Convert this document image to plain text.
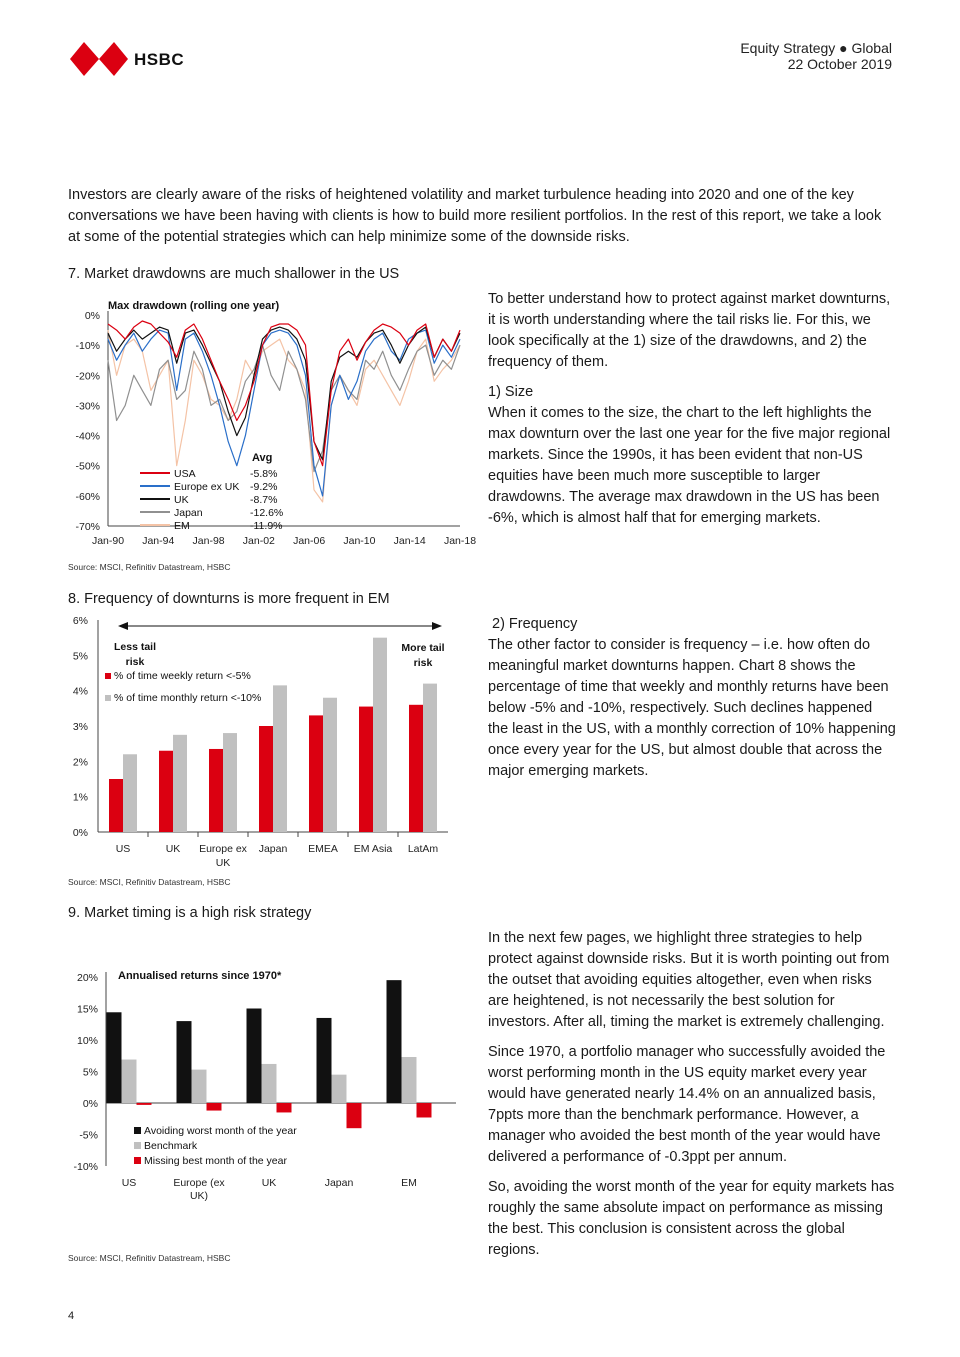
HSBC
Equity Strategy ● Global
22 October 2019
Investors are clearly aware of the risks of heightened volatility and market turbulence heading into 2020 and one of the key conversations we have been having with clients is how to build more resilient portfolios. In the rest of this report, we take a look at some of the potential strategies which can help minimize some of the downside risks.
7. Market drawdowns are much shallower in the US
Max drawdown (rolling one year)
0%
-10%
-20%
-30%
-40%
-50%
-60%
-70%
Jan-90 Jan-94 Jan-98 Jan-02 Jan-06 Jan-10 Jan-14 Jan-18
Avg
USA	-5.8%
Europe ex UK -9.2%
UK	-8.7%
Japan	-12.6%
EM	-11.9%
Source: MSCI, Refinitiv Datastream, HSBC

To better understand how to protect against market downturns, it is worth understanding where the tail risks lie. For this, we look specifically at the 1) size of the drawdowns, and 2) the frequency of them.

1) Size

When it comes to the size, the chart to the left highlights the max downturn over the last one year for the five major regional markets. Since the 1990s, it has been evident that non-US equities have been much more susceptible to larger drawdowns. The average max drawdown in the US has been -6%, which is almost half that for emerging markets.

8. Frequency of downturns is more frequent in EM
0%
1%
2%
3%
4%
5%
6%
US	UK Europe ex
UK
Japan EMEA EM Asia LatAm
Less tail
risk
More tail
risk
% of time weekly return <-5%
% of time monthly return <-10%
Source: MSCI, Refinitiv Datastream, HSBC

2) Frequency

The other factor to consider is frequency – i.e. how often do meaningful market downturns happen. Chart 8 shows the percentage of time that weekly and monthly returns have been below -5% and -10%, respectively. Such declines happened the least in the US, with a monthly correction of 10% happening once every year for the US, but almost double that across the major emerging markets.

9. Market timing is a high risk strategy
Annualised returns since 1970*
20%
15%
10%
5%
0%
-5%
-10%
US	Europe (ex
UK)
UK	Japan	EM
Avoiding worst month of the year
Benchmark
Missing best month of the year
Source: MSCI, Refinitiv Datastream, HSBC

In the next few pages, we highlight three strategies to help protect against downside risks. But it is worth pointing out from the outset that avoiding equities altogether, even when risks are heightened, is not necessarily the best solution for investors. After all, timing the market is extremely challenging.

Since 1970, a portfolio manager who successfully avoided the worst performing month in the US equity market every year would have generated nearly 14.4% on an annualized basis, 7ppts more than the benchmark performance. However, a manager who avoided the best month of the year would have delivered a performance of -0.3ppt per annum.

So, avoiding the worst month of the year for equity markets has roughly the same absolute impact on performance as missing the best. This conclusion is consistent across the global regions.

4
